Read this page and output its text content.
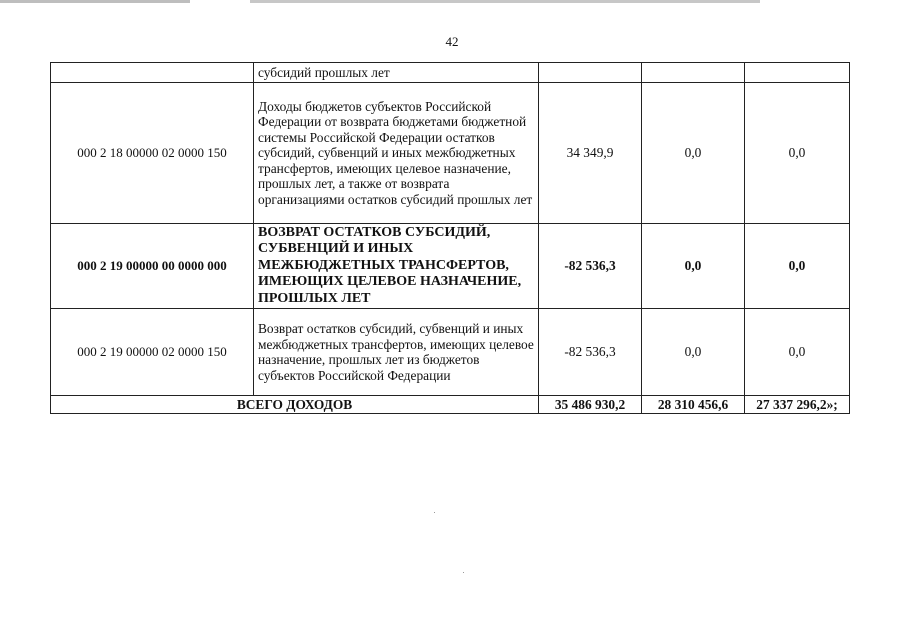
42
	субсидий прошлых лет			
000 2 18 00000 02 0000 150	Доходы бюджетов субъектов Российской Федерации от возврата бюджетами бюджетной системы Российской Федерации остатков субсидий, субвенций и иных межбюджетных трансфертов, имеющих целевое назначение, прошлых лет, а также от возврата организациями остатков субсидий прошлых лет	34 349,9	0,0	0,0
000 2 19 00000 00 0000 000	ВОЗВРАТ ОСТАТКОВ СУБСИДИЙ, СУБВЕНЦИЙ И ИНЫХ МЕЖБЮДЖЕТНЫХ ТРАНСФЕРТОВ, ИМЕЮЩИХ ЦЕЛЕВОЕ НАЗНАЧЕНИЕ, ПРОШЛЫХ ЛЕТ	-82 536,3	0,0	0,0
000 2 19 00000 02 0000 150	Возврат остатков субсидий, субвенций и иных межбюджетных трансфертов, имеющих целевое назначение, прошлых лет из бюджетов субъектов Российской Федерации	-82 536,3	0,0	0,0
ВСЕГО ДОХОДОВ		35 486 930,2	28 310 456,6	27 337 296,2»;
